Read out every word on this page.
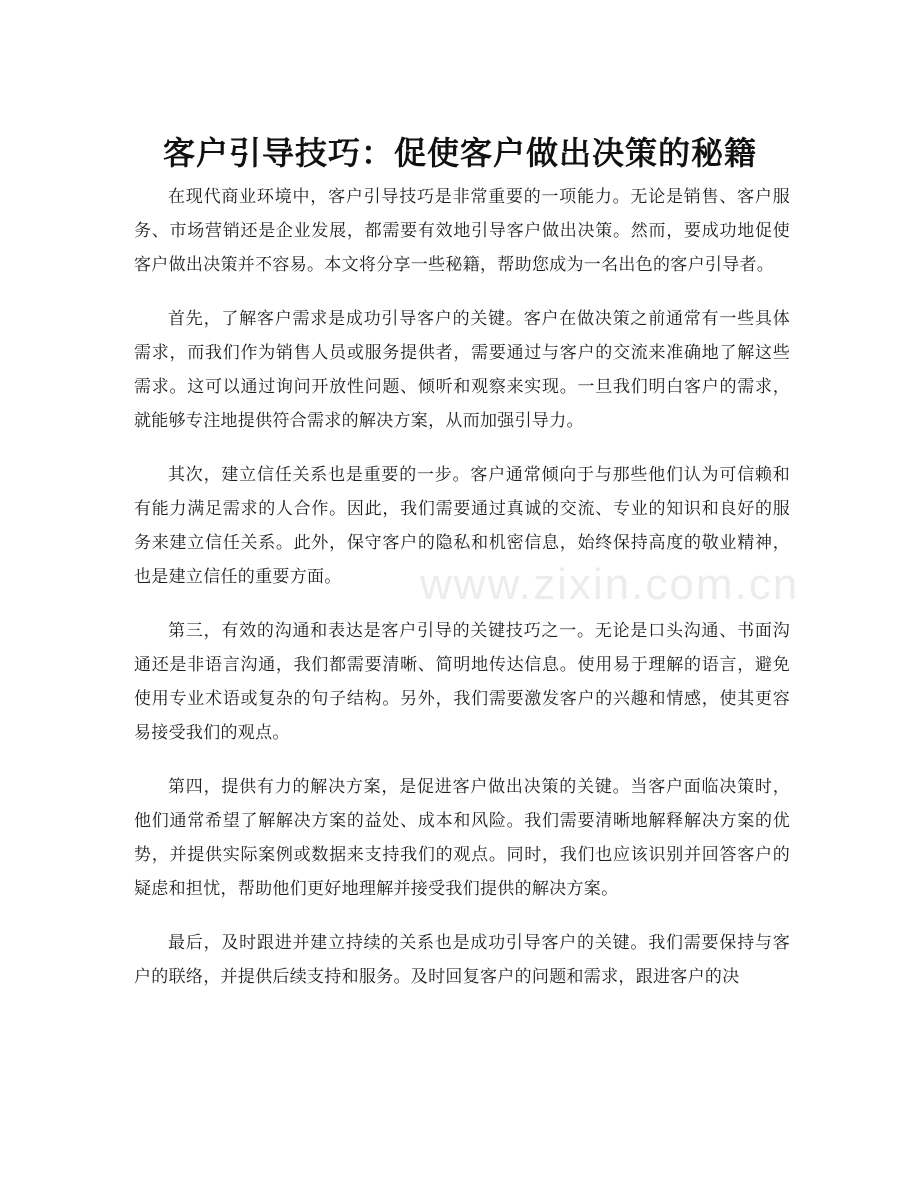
客户引导技巧：促使客户做出决策的秘籍

在现代商业环境中，客户引导技巧是非常重要的一项能力。无论是销售、客户服务、市场营销还是企业发展，都需要有效地引导客户做出决策。然而，要成功地促使客户做出决策并不容易。本文将分享一些秘籍，帮助您成为一名出色的客户引导者。

首先，了解客户需求是成功引导客户的关键。客户在做决策之前通常有一些具体需求，而我们作为销售人员或服务提供者，需要通过与客户的交流来准确地了解这些需求。这可以通过询问开放性问题、倾听和观察来实现。一旦我们明白客户的需求，就能够专注地提供符合需求的解决方案，从而加强引导力。

其次，建立信任关系也是重要的一步。客户通常倾向于与那些他们认为可信赖和有能力满足需求的人合作。因此，我们需要通过真诚的交流、专业的知识和良好的服务来建立信任关系。此外，保守客户的隐私和机密信息，始终保持高度的敬业精神，也是建立信任的重要方面。

第三，有效的沟通和表达是客户引导的关键技巧之一。无论是口头沟通、书面沟通还是非语言沟通，我们都需要清晰、简明地传达信息。使用易于理解的语言，避免使用专业术语或复杂的句子结构。另外，我们需要激发客户的兴趣和情感，使其更容易接受我们的观点。

第四，提供有力的解决方案，是促进客户做出决策的关键。当客户面临决策时，他们通常希望了解解决方案的益处、成本和风险。我们需要清晰地解释解决方案的优势，并提供实际案例或数据来支持我们的观点。同时，我们也应该识别并回答客户的疑虑和担忧，帮助他们更好地理解并接受我们提供的解决方案。

最后，及时跟进并建立持续的关系也是成功引导客户的关键。我们需要保持与客户的联络，并提供后续支持和服务。及时回复客户的问题和需求，跟进客户的决

www.zixin.com.cn
